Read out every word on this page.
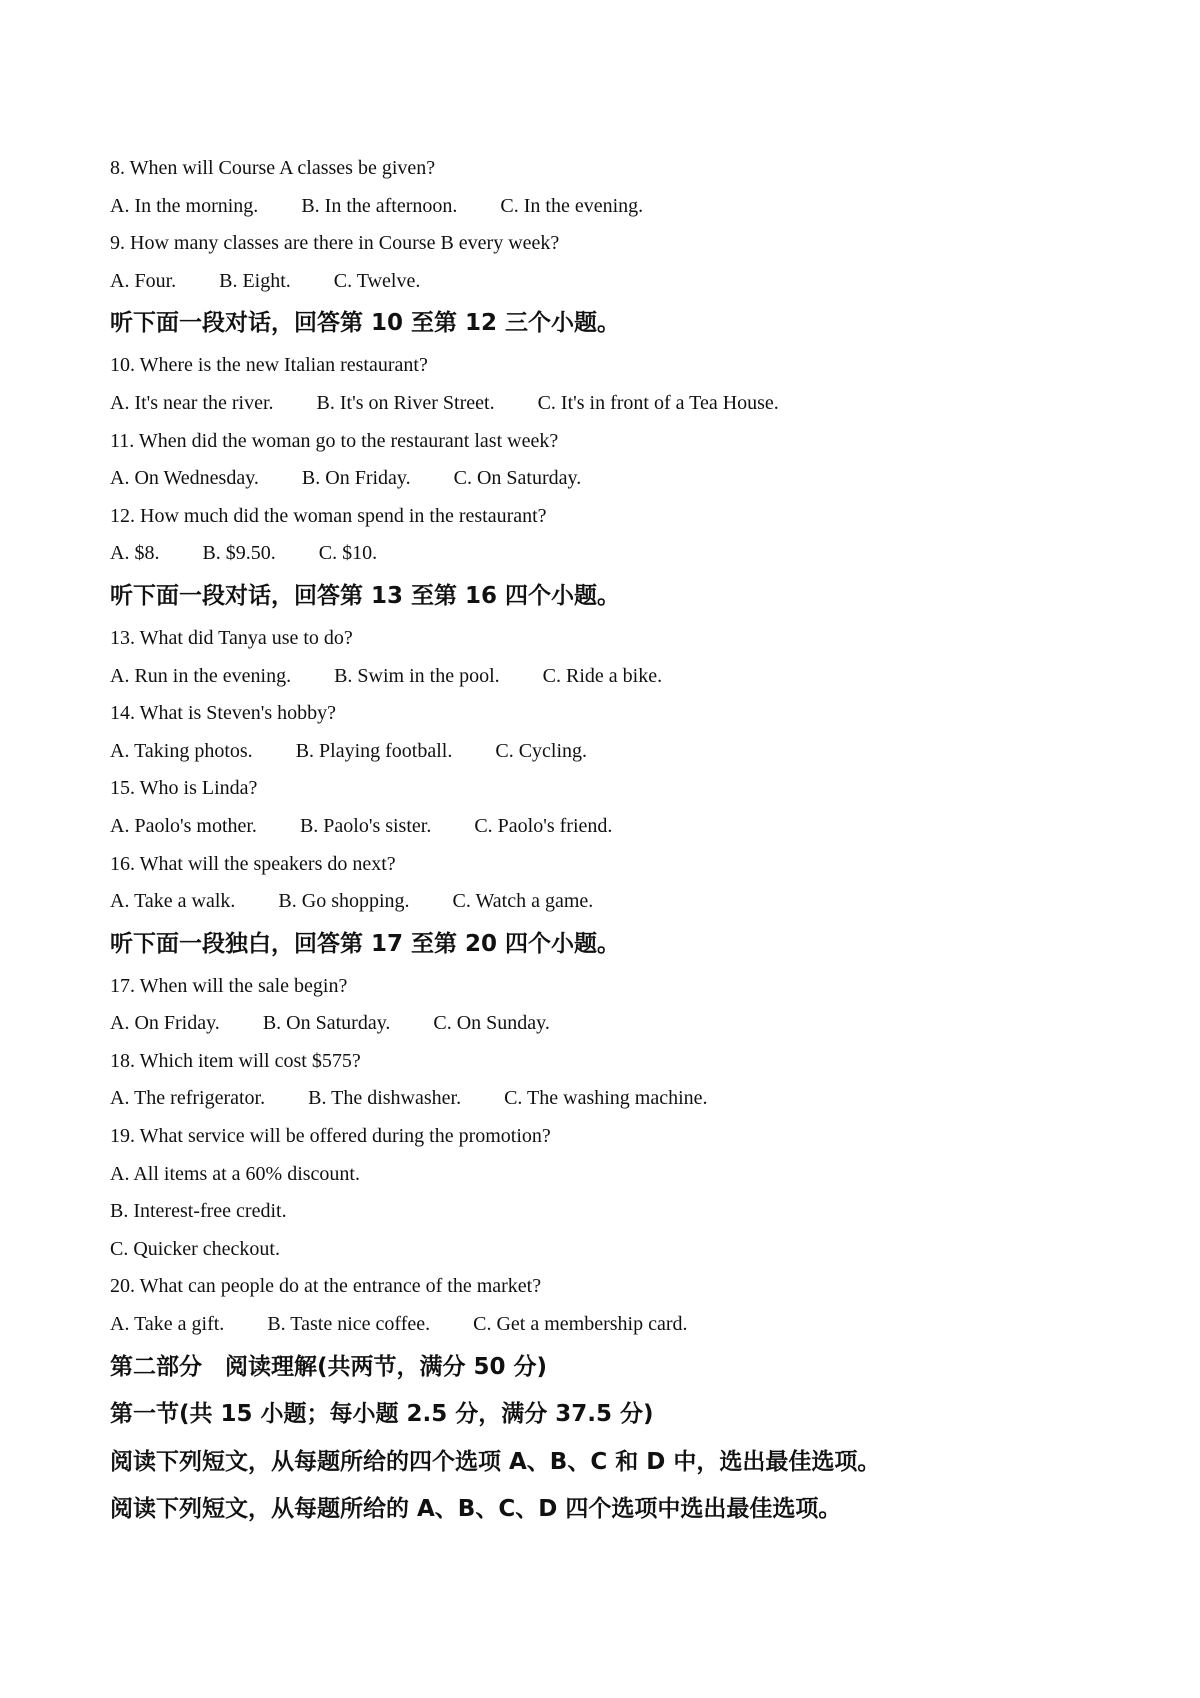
8. When will Course A classes be given?
A. In the morning. B. In the afternoon. C. In the evening.
9. How many classes are there in Course B every week?
A. Four. B. Eight. C. Twelve.
听下面一段对话，回答第 10 至第 12 三个小题。
10. Where is the new Italian restaurant?
A. It's near the river. B. It's on River Street. C. It's in front of a Tea House.
11. When did the woman go to the restaurant last week?
A. On Wednesday. B. On Friday. C. On Saturday.
12. How much did the woman spend in the restaurant?
A. $8. B. $9.50. C. $10.
听下面一段对话，回答第 13 至第 16 四个小题。
13. What did Tanya use to do?
A. Run in the evening. B. Swim in the pool. C. Ride a bike.
14. What is Steven's hobby?
A. Taking photos. B. Playing football. C. Cycling.
15. Who is Linda?
A. Paolo's mother. B. Paolo's sister. C. Paolo's friend.
16. What will the speakers do next?
A. Take a walk. B. Go shopping. C. Watch a game.
听下面一段独白，回答第 17 至第 20 四个小题。
17. When will the sale begin?
A. On Friday. B. On Saturday. C. On Sunday.
18. Which item will cost $575?
A. The refrigerator. B. The dishwasher. C. The washing machine.
19. What service will be offered during the promotion?
A. All items at a 60% discount.
B. Interest-free credit.
C. Quicker checkout.
20. What can people do at the entrance of the market?
A. Take a gift. B. Taste nice coffee. C. Get a membership card.
第二部分　阅读理解(共两节，满分 50 分)
第一节(共 15 小题；每小题 2.5 分，满分 37.5 分)
阅读下列短文，从每题所给的四个选项 A、B、C 和 D 中，选出最佳选项。
阅读下列短文，从每题所给的 A、B、C、D 四个选项中选出最佳选项。
